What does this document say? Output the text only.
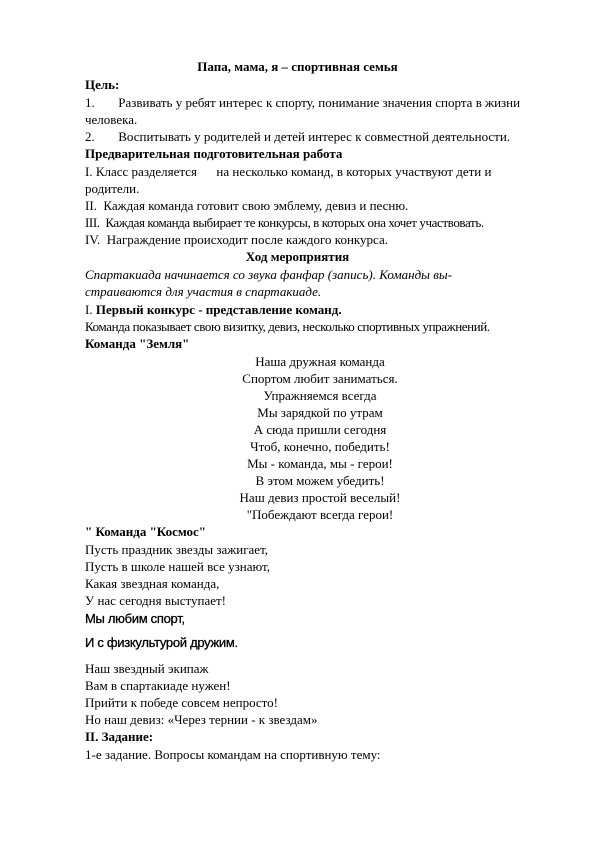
Папа, мама, я – спортивная семья
Цель:
1. Развивать у ребят интерес к спорту, понимание значения спорта в жизни
человека.
2. Воспитывать у родителей и детей интерес к совместной деятельности.
Предварительная подготовительная работа
I. Класс разделяется      на несколько команд, в которых участвуют дети и
родители.
II.  Каждая команда готовит свою эмблему, девиз и песню.
III.  Каждая команда выбирает те конкурсы, в которых она хочет участвовать.
IV.  Награждение происходит после каждого конкурса.
Ход мероприятия
Спартакиада начинается со звука фанфар (запись). Команды вы-
страиваются для участия в спартакиаде.
I. Первый конкурс - представление команд.
Команда показывает свою визитку, девиз, несколько спортивных упражнений.
Команда "Земля"
Наша дружная команда
Спортом любит заниматься.
Упражняемся всегда
Мы зарядкой по утрам
А сюда пришли сегодня
Чтоб, конечно, победить!
Мы - команда, мы - герои!
В этом можем убедить!
Наш девиз простой веселый!
"Побеждают всегда герои!
" Команда "Космос"
Пусть праздник звезды зажигает,
Пусть в школе нашей все узнают,
Какая звездная команда,
У нас сегодня выступает!
Мы любим спорт,
И с физкультурой дружим.
Наш звездный экипаж
Вам в спартакиаде нужен!
Прийти к победе совсем непросто!
Но наш девиз: «Через тернии - к звездам»
II. Задание:
1-е задание. Вопросы командам на спортивную тему:
